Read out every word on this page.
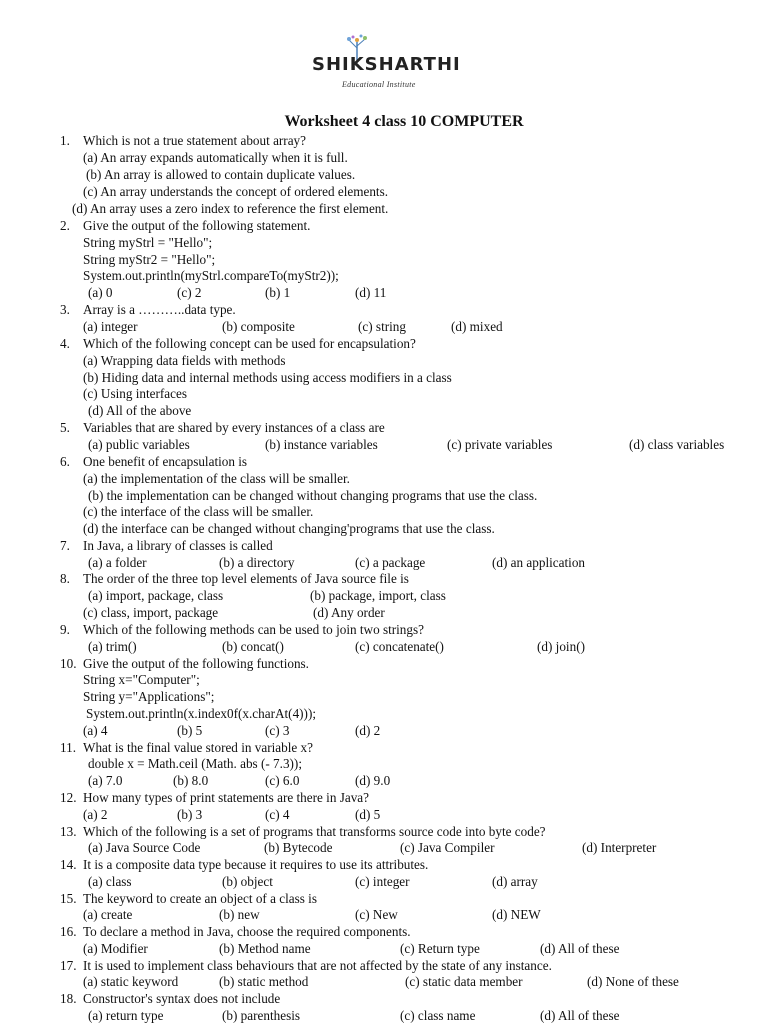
SHIKSHARTHI
Educational Institute
Worksheet 4 class 10 COMPUTER
1. Which is not a true statement about array?
(a) An array expands automatically when it is full.
(b) An array is allowed to contain duplicate values.
(c) An array understands the concept of ordered elements.
(d) An array uses a zero index to reference the first element.
2. Give the output of the following statement.
String myStrl = "Hello";
String myStr2 = "Hello";
System.out.println(myStrl.compareTo(myStr2));
(a) 0	(c) 2	(b) 1	(d) 11
3. Array is a ………..data type.
(a) integer	(b) composite	(c) string	(d) mixed
4. Which of the following concept can be used for encapsulation?
(a) Wrapping data fields with methods
(b) Hiding data and internal methods using access modifiers in a class
(c) Using interfaces
(d) All of the above
5. Variables that are shared by every instances of a class are
(a) public variables	(b) instance variables	(c) private variables	(d) class variables
6. One benefit of encapsulation is
(a) the implementation of the class will be smaller.
(b) the implementation can be changed without changing programs that use the class.
(c) the interface of the class will be smaller.
(d) the interface can be changed without changing'programs that use the class.
7. In Java, a library of classes is called
(a) a folder	(b) a directory	(c) a package	(d) an application
8. The order of the three top level elements of Java source file is
(a) import, package, class	(b) package, import, class
(c) class, import, package	(d) Any order
9. Which of the following methods can be used to join two strings?
(a) trim()	(b) concat()	(c) concatenate()	(d) join()
10. Give the output of the following functions.
String x="Computer";
String y="Applications";
System.out.println(x.index0f(x.charAt(4)));
(a) 4	(b) 5	(c) 3	(d) 2
11. What is the final value stored in variable x?
double x = Math.ceil (Math. abs (- 7.3));
(a) 7.0	(b) 8.0	(c) 6.0	(d) 9.0
12. How many types of print statements are there in Java?
(a) 2	(b) 3	(c) 4	(d) 5
13. Which of the following is a set of programs that transforms source code into byte code?
(a) Java Source Code	(b) Bytecode	(c) Java Compiler	(d) Interpreter
14. It is a composite data type because it requires to use its attributes.
(a) class	(b) object	(c) integer	(d) array
15. The keyword to create an object of a class is
(a) create	(b) new	(c) New	(d) NEW
16. To declare a method in Java, choose the required components.
(a) Modifier	(b) Method name	(c) Return type	(d) All of these
17. It is used to implement class behaviours that are not affected by the state of any instance.
(a) static keyword	(b) static method	(c) static data member	(d) None of these
18. Constructor's syntax does not include
(a) return type	(b) parenthesis	(c) class name	(d) All of these
